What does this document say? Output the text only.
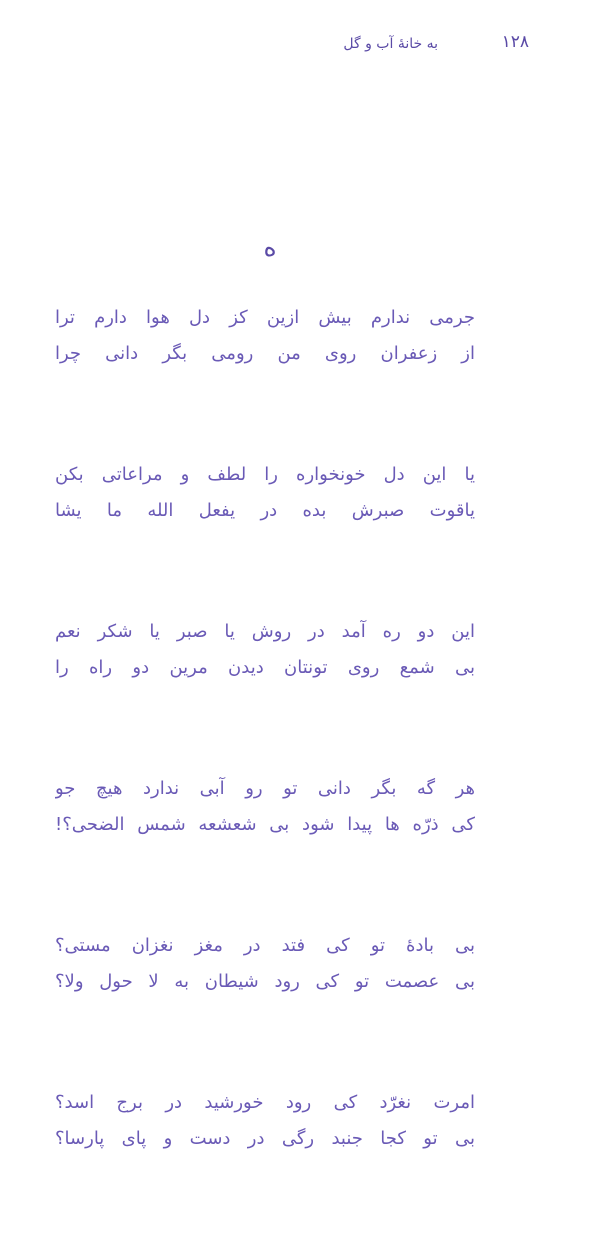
به خانهٔ آب و گل	۱۲۸
ه
جرمی ندارم بیش ازین کز دل هوا دارم ترا
از زعفران روی من رومی بگر دانی چرا
یا این دل خونخواره را لطف و مراعاتی بکن
یاقوت صبرش بده در یفعل الله ما یشا
این دو ره آمد در روش یا صبر یا شکر نعم
بی شمع روی تونتان دیدن مرین دو راه را
هر گه بگر دانی تو رو آبی ندارد هیچ جو
کی ذرّه ها پیدا شود بی شعشعه شمس الضحی؟!
بی بادهٔ تو کی فتد در مغز نغزان مستی؟
بی عصمت تو کی رود شیطان به لا حول ولا؟
امرت نغرّد کی رود خورشید در برج اسد؟
بی تو کجا جنبد رگی در دست و پای پارسا؟
